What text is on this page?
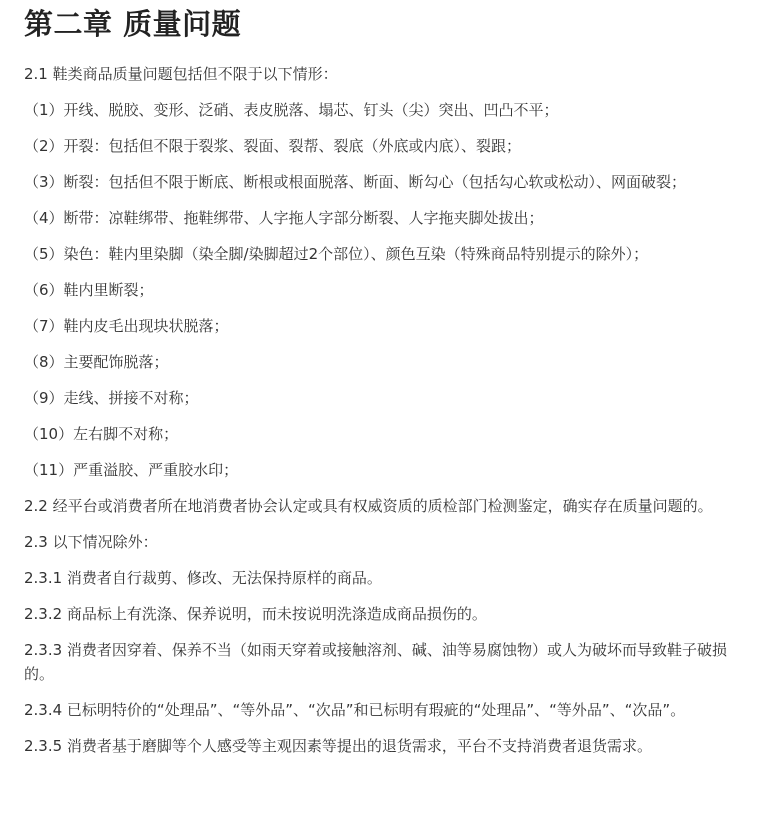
第二章 质量问题
2.1 鞋类商品质量问题包括但不限于以下情形：
（1）开线、脱胶、变形、泛硝、表皮脱落、塌芯、钉头（尖）突出、凹凸不平；
（2）开裂：包括但不限于裂浆、裂面、裂帮、裂底（外底或内底）、裂跟；
（3）断裂：包括但不限于断底、断根或根面脱落、断面、断勾心（包括勾心软或松动）、网面破裂；
（4）断带：凉鞋绑带、拖鞋绑带、人字拖人字部分断裂、人字拖夹脚处拔出；
（5）染色：鞋内里染脚（染全脚/染脚超过2个部位）、颜色互染（特殊商品特别提示的除外）；
（6）鞋内里断裂；
（7）鞋内皮毛出现块状脱落；
（8）主要配饰脱落；
（9）走线、拼接不对称；
（10）左右脚不对称；
（11）严重溢胶、严重胶水印；
2.2 经平台或消费者所在地消费者协会认定或具有权威资质的质检部门检测鉴定，确实存在质量问题的。
2.3 以下情况除外：
2.3.1 消费者自行裁剪、修改、无法保持原样的商品。
2.3.2 商品标上有洗涤、保养说明，而未按说明洗涤造成商品损伤的。
2.3.3 消费者因穿着、保养不当（如雨天穿着或接触溶剂、碱、油等易腐蚀物）或人为破坏而导致鞋子破损的。
2.3.4 已标明特价的“处理品”、“等外品”、“次品”和已标明有瑕疵的“处理品”、“等外品”、“次品”。
2.3.5 消费者基于磨脚等个人感受等主观因素等提出的退货需求，平台不支持消费者退货需求。
